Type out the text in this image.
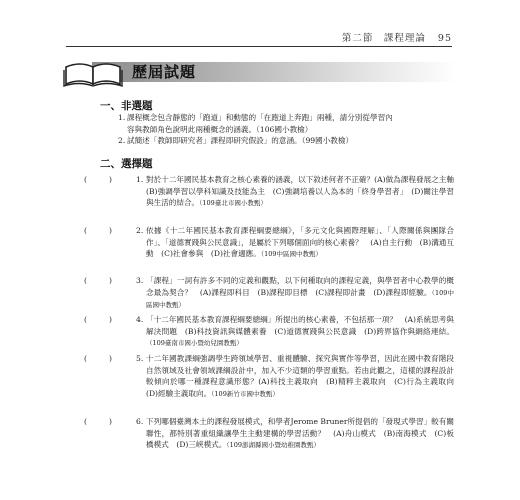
第二節　課程理論 95
歷屆試題
一、非選題
1. 課程概念包含靜態的「跑道」和動態的「在跑道上奔跑」兩種，請分別從學習內
容與教師角色說明此兩種概念的涵義。（106國小教檢）
2. 試簡述「教師即研究者」課程即研究假設」的意涵。（99國小教檢）
二、選擇題
(	)	1. 對於十二年國民基本教育之核心素養的涵義，以下敘述何者不正確？(A)做為課程發展之主軸　(B)強調學習以學科知識及技能為主　(C)強調培養以人為本的「終身學習者」　(D)關注學習與生活的結合。（109臺北市國小教甄）
(	)	2. 依據《十二年國民基本教育課程綱要總綱》，「多元文化與國際理解」、「人際關係與團隊合作」、「道德實踐與公民意識」，是屬於下列哪個面向的核心素養？　(A)自主行動　(B)溝通互動　(C)社會參與　(D)社會適應。（109中區國中教甄）
(	)	3. 「課程」一詞有許多不同的定義和觀點，以下何種取向的課程定義，與學習者中心教學的概念最為契合？　(A)課程即科目　(B)課程即目標　(C)課程即計畫　(D)課程即經驗。（109中區國中教甄）
(	)	4. 「十二年國民基本教育課程綱要總綱」所提出的核心素養，不包括那一項？　(A)系統思考與解決問題　(B)科技資訊與媒體素養　(C)道德實踐與公民意識　(D)跨界協作與網絡連結。（109臺南市國小暨幼兒園教甄）
(	)	5. 十二年國教課綱強調學生跨領域學習、重視體驗、探究與實作等學習，因此在國中教育階段自然領域及社會領域課綱設計中，加入不少這類的學習重點。若由此觀之，這樣的課程設計較傾向於哪一種課程意識形態？(A)科技主義取向　(B)精粹主義取向　(C)行為主義取向　(D)經驗主義取向。（109新竹市國中教甄）
(	)	6. 下列哪個臺灣本土的課程發展模式，和學者Jerome Bruner所提倡的「發現式學習」較有關聯性，都特別著重組織讓學生主動建構的學習活動？　(A)舟山模式　(B)南海模式　(C)板橋模式　(D)三峽模式。（109澎湖縣國小暨幼稚園教甄）
